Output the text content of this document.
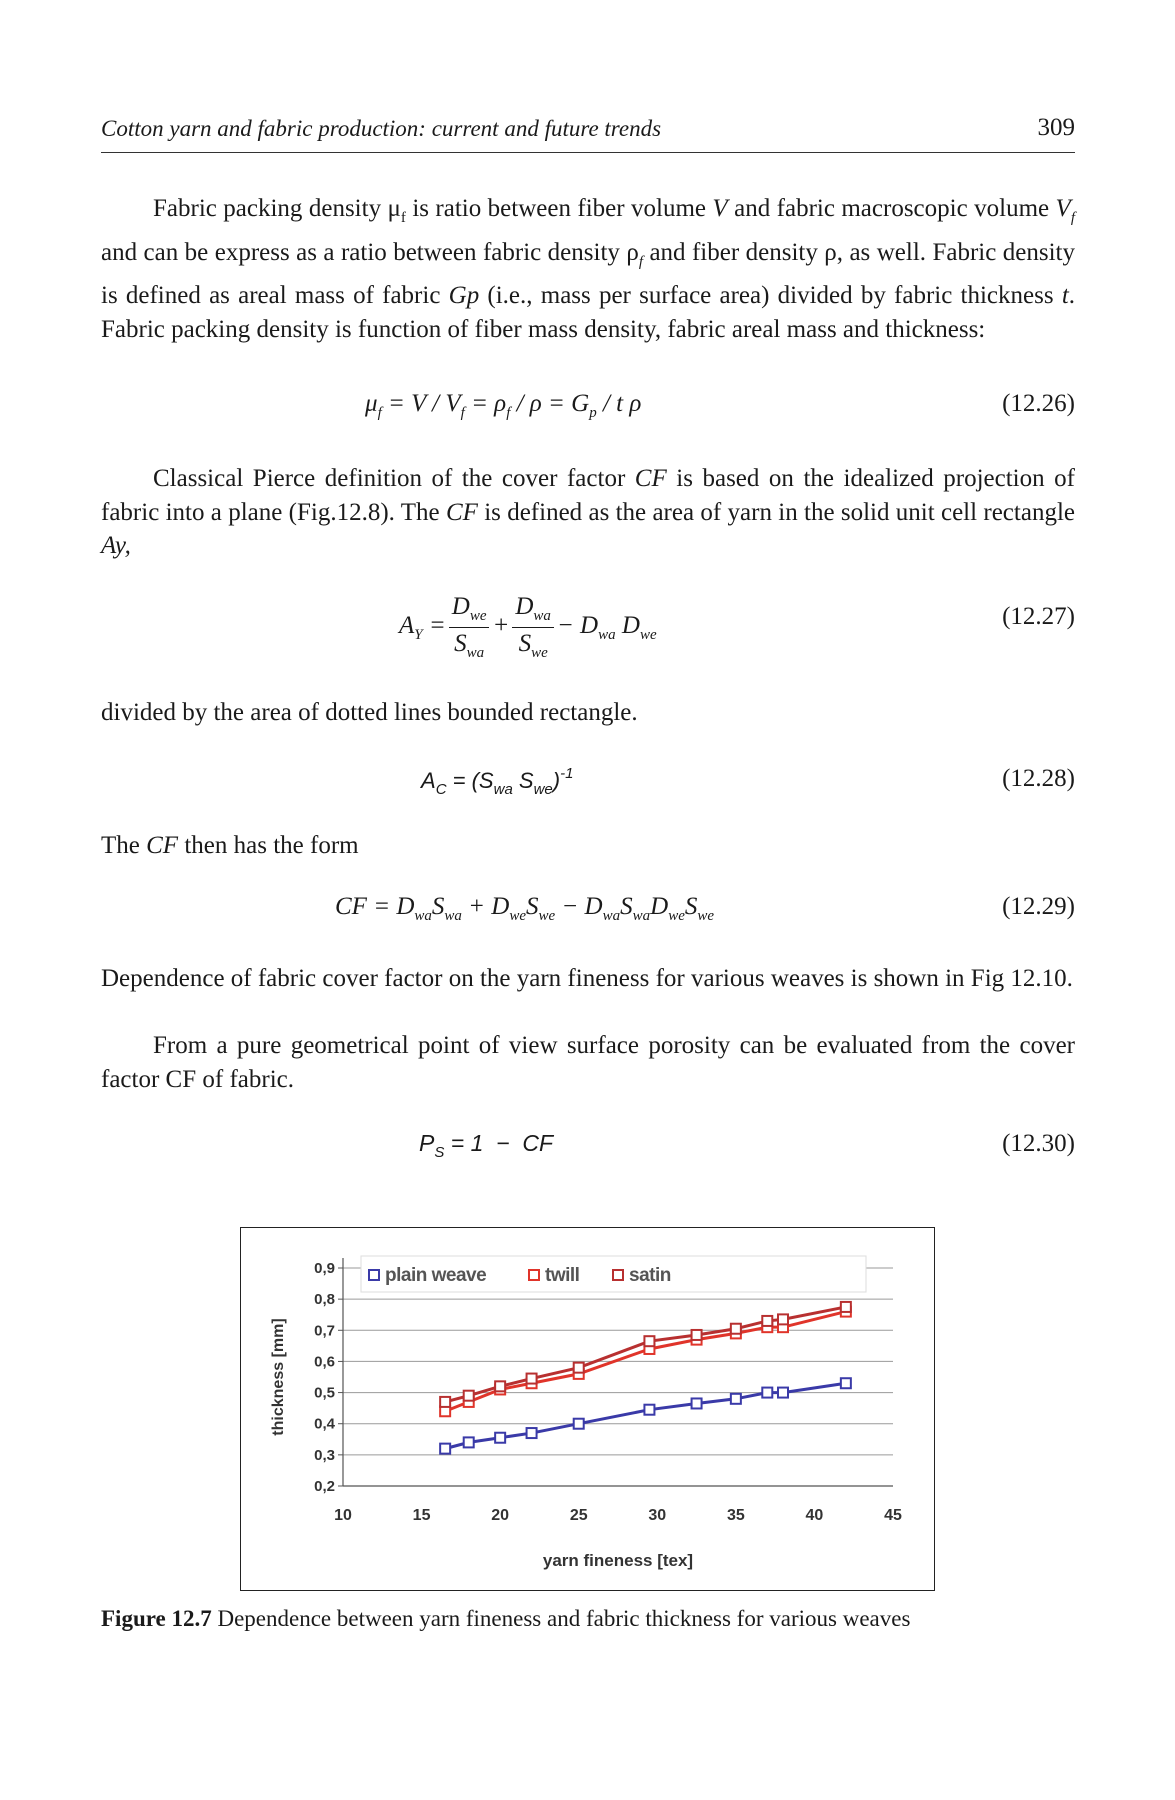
Cotton yarn and fabric production: current and future trends	309

Fabric packing density $\mu_f$ is ratio between fiber volume V and fabric macroscopic volume $V_f$ and can be express as a ratio between fabric density $\rho_f$ and fiber density ρ, as well. Fabric density is defined as areal mass of fabric Gp (i.e., mass per surface area) divided by fabric thickness t. Fabric packing density is function of fiber mass density, fabric areal mass and thickness:

$\mu_f = V / V_f = \rho_f / \rho = G_p / t$ ρ	(12.26)

Classical Pierce definition of the cover factor CF is based on the idealized projection of fabric into a plane (Fig.12.8). The CF is defined as the area of yarn in the solid unit cell rectangle Ay,

$A_Y = \frac{D_{we}}{S_{wa}} + \frac{D_{wa}}{S_{we}} - D_{wa}$ $D_{we}$
(12.27)

divided by the area of dotted lines bounded rectangle.

$A_C = (S_{wa}$ $S_{we})^{-1}$	(12.28)

The CF then has the form

CF = $D_{wa}S_{wa} + D_{we}S_{we} - D_{wa}S_{wa}D_{we}S_{we}$	(12.29)

Dependence of fabric cover factor on the yarn fineness for various weaves is shown in Fig 12.10.

From a pure geometrical point of view surface porosity can be evaluated from the cover factor CF of fabric.

$P_S = 1$  −  CF	(12.30)
0,2
0,3
0,4
0,5
0,6
0,7
0,8
0,9
10	15	20	25	30	35	40	45
yarn fineness [tex]
thickness [mm]
plain weave	twill	satin
Figure 12.7 Dependence between yarn fineness and fabric thickness for various weaves
